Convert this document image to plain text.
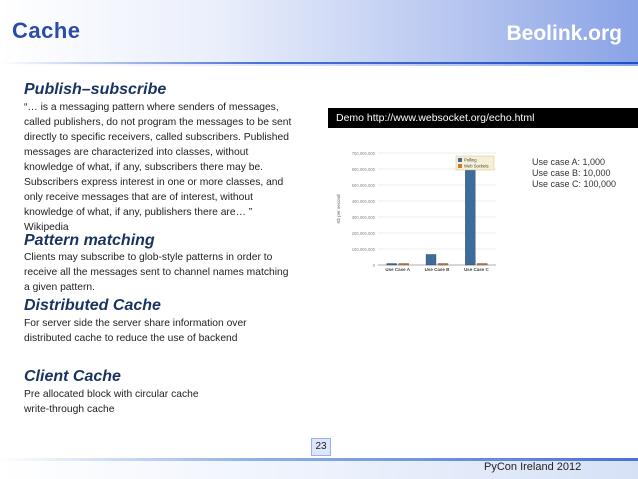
Cache	Beolink.org
Publish–subscribe
“… is a messaging pattern where senders of messages,
called publishers, do not program the messages to be sent
directly to specific receivers, called subscribers. Published
messages are characterized into classes, without
knowledge of what, if any, subscribers there may be.
Subscribers express interest in one or more classes, and
only receive messages that are of interest, without
knowledge of what, if any, publishers there are… ”
Wikipedia
Pattern matching
Clients may subscribe to glob-style patterns in order to
receive all the messages sent to channel names matching
a given pattern.
Distributed Cache
For server side the server share information over
distributed cache to reduce the use of backend
Client Cache
Pre allocated block with circular cache
write-through cache
Demo http://www.websocket.org/echo.html
700,000,000
600,000,000
500,000,000
400,000,000
300,000,000
200,000,000
100,000,000
0
Kb per second
Use Case A	Use Case B	Use Case C
Polling
Web Sockets	Use case A: 1,000
Use case B: 10,000
Use case C: 100,000
23
PyCon Ireland 2012
